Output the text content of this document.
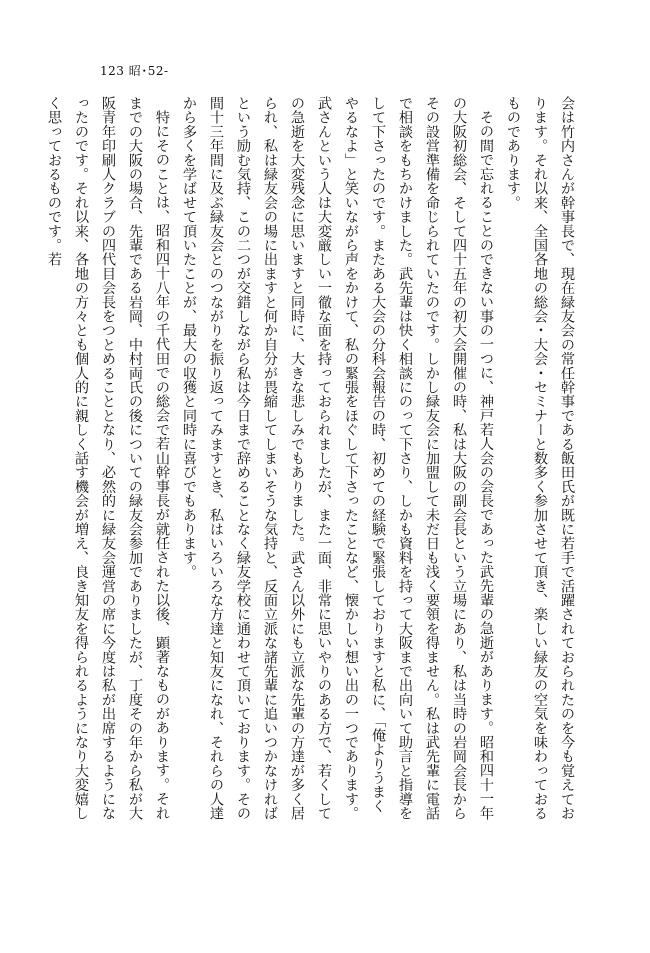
123 昭･52-

会は竹内さんが幹事長で、現在緑友会の常任幹事である飯田氏が既に若手で活躍されておられたのを今も覚えております。それ以来、全国各地の総会・大会・セミナーと数多く参加させて頂き、楽しい緑友の空気を味わっておるものであります。

その間で忘れることのできない事の一つに、神戸若人会の会長であった武先輩の急逝があります。昭和四十一年の大阪初総会、そして四十五年の初大会開催の時、私は大阪の副会長という立場にあり、私は当時の岩岡会長からその設営準備を命じられていたのです。しかし緑友会に加盟して未だ日も浅く要領を得ません。私は武先輩に電話で相談をもちかけました。武先輩は快く相談にのって下さり、しかも資料を持って大阪まで出向いて助言と指導をして下さったのです。またある大会の分科会報告の時、初めての経験で緊張しておりますと私に、「俺よりうまくやるなよ」と笑いながら声をかけて、私の緊張をほぐして下さったことなど、懐かしい想い出の一つであります。武さんという人は大変厳しい一徹な面を持っておられましたが、また一面、非常に思いやりのある方で、若くしての急逝を大変残念に思いますと同時に、大きな悲しみでもありました。武さん以外にも立派な先輩の方達が多く居られ、私は緑友会の場に出ますと何か自分が畏縮してしまいそうな気持と、反面立派な諸先輩に追いつかなければという励む気持、この二つが交錯しながら私は今日まで辞めることなく緑友学校に通わせて頂いております。その間十三年間に及ぶ緑友会とのつながりを振り返ってみますとき、私はいろいろな方達と知友になれ、それらの人達から多くを学ばせて頂いたことが、最大の収獲と同時に喜びでもあります。

特にそのことは、昭和四十八年の千代田での総会で若山幹事長が就任された以後、顕著なものがあります。それまでの大阪の場合、先輩である岩岡、中村両氏の後についての緑友会参加でありましたが、丁度その年から私が大阪青年印刷人クラブの四代目会長をつとめることとなり、必然的に緑友会運営の席に今度は私が出席するようになったのです。それ以来、各地の方々とも個人的に親しく話す機会が増え、良き知友を得られるようになり大変嬉しく思っておるものです。若
